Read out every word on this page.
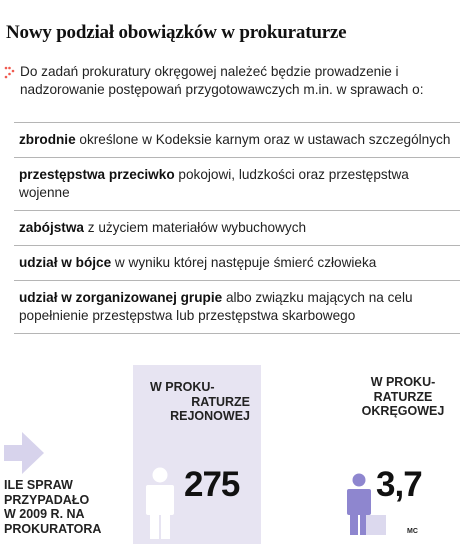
Nowy podział obowiązków w prokuraturze
Do zadań prokuratury okręgowej należeć będzie prowadzenie i nadzorowanie postępowań przygotowawczych m.in. w sprawach o:
zbrodnie określone w Kodeksie karnym oraz w ustawach szczególnych
przestępstwa przeciwko pokojowi, ludzkości oraz przestępstwa wojenne
zabójstwa z użyciem materiałów wybuchowych
udział w bójce w wyniku której następuje śmierć człowieka
udział w zorganizowanej grupie albo związku mających na celu popełnienie przestępstwa lub przestępstwa skarbowego
ILE SPRAW
PRZYPADAŁO
W 2009 R. NA
PROKURATORA
W PROKU-
RATURZE
REJONOWEJ
275
W PROKU-
RATURZE
OKRĘGOWEJ
3,7
MC
